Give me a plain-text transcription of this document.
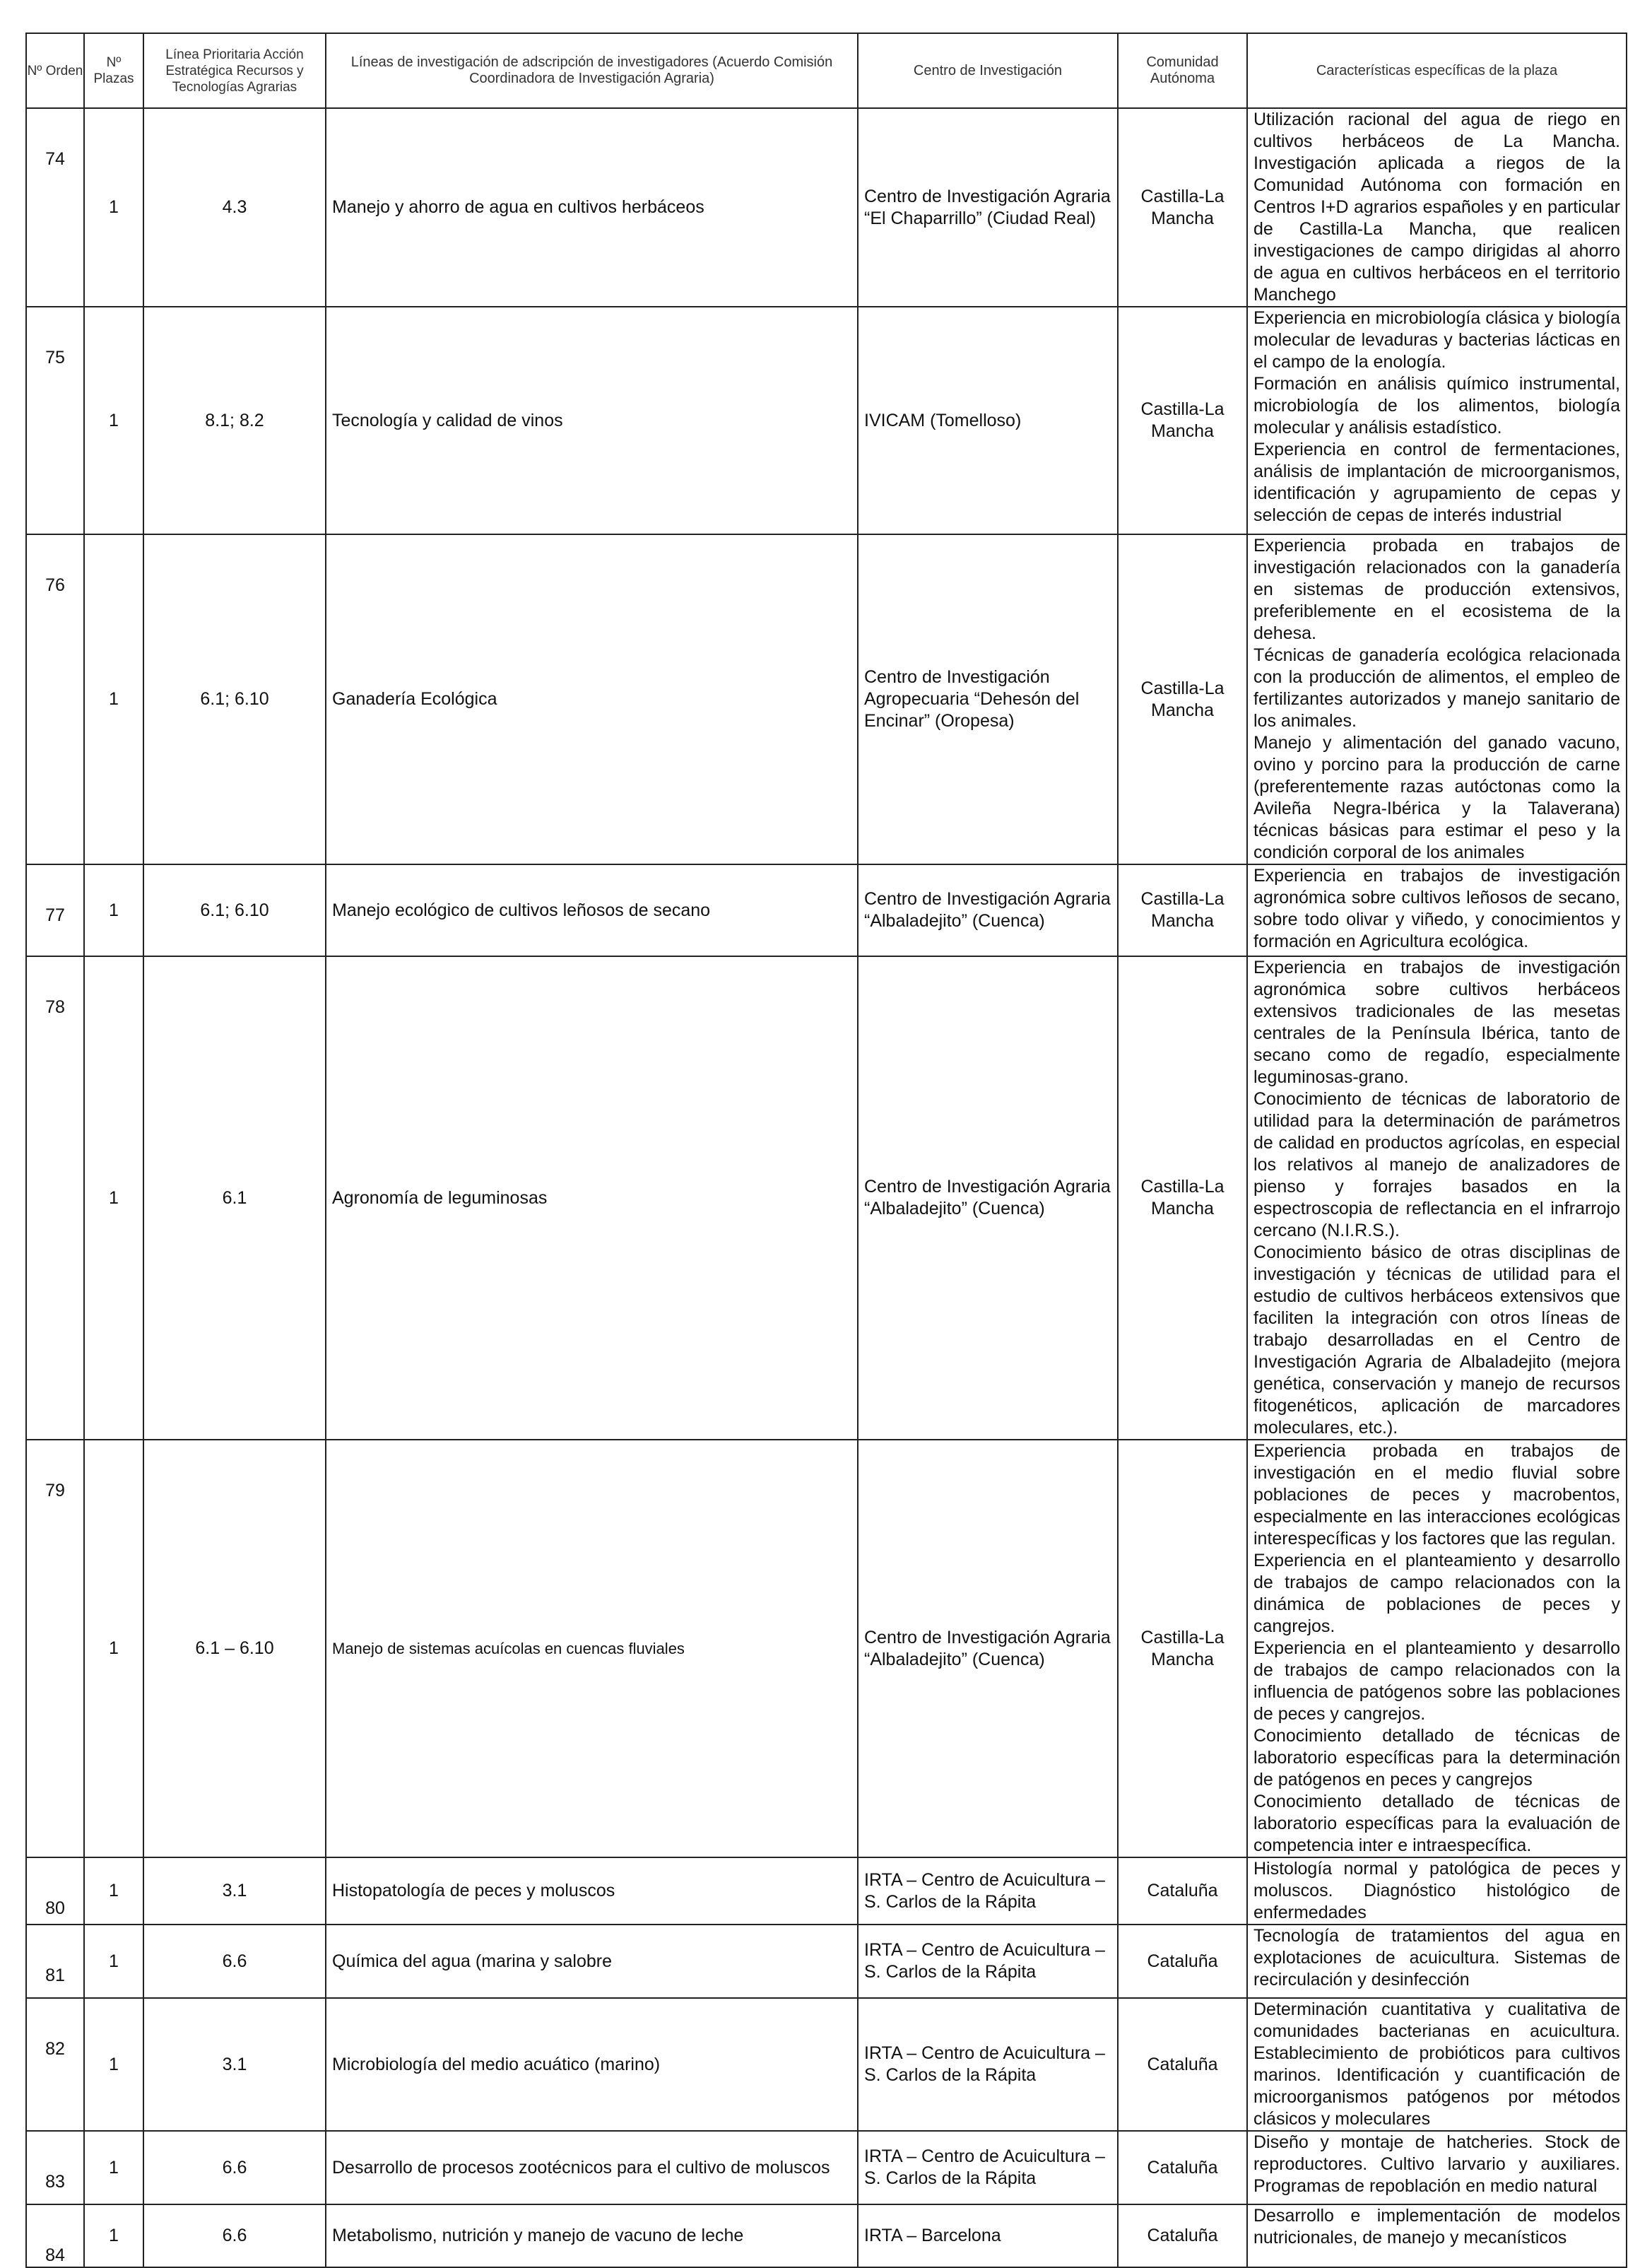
Nº Orden	Nº Plazas	Línea Prioritaria Acción Estratégica Recursos y Tecnologías Agrarias	Líneas de investigación de adscripción de investigadores (Acuerdo Comisión Coordinadora de Investigación Agraria)	Centro de Investigación	Comunidad Autónoma	Características específicas de la plaza
74	1	4.3	Manejo y ahorro de agua en cultivos herbáceos	Centro de Investigación Agraria “El Chaparrillo” (Ciudad Real)	Castilla-La Mancha	Utilización racional del agua de riego en cultivos herbáceos de La Mancha. Investigación aplicada a riegos de la Comunidad Autónoma con formación en Centros I+D agrarios españoles y en particular de Castilla-La Mancha, que realicen investigaciones de campo dirigidas al ahorro de agua en cultivos herbáceos en el territorio Manchego

75	1	8.1; 8.2	Tecnología y calidad de vinos	IVICAM (Tomelloso)	Castilla-La Mancha	Experiencia en microbiología clásica y biología molecular de levaduras y bacterias lácticas en el campo de la enología.
Formación en análisis químico instrumental, microbiología de los alimentos, biología molecular y análisis estadístico.
Experiencia en control de fermentaciones, análisis de implantación de microorganismos, identificación y agrupamiento de cepas y selección de cepas de interés industrial

76	1	6.1; 6.10	Ganadería Ecológica	Centro de Investigación Agropecuaria “Dehesón del Encinar” (Oropesa)	Castilla-La Mancha	Experiencia probada en trabajos de investigación relacionados con la ganadería en sistemas de producción extensivos, preferiblemente en el ecosistema de la dehesa.
Técnicas de ganadería ecológica relacionada con la producción de alimentos, el empleo de fertilizantes autorizados y manejo sanitario de los animales.
Manejo y alimentación del ganado vacuno, ovino y porcino para la producción de carne (preferentemente razas autóctonas como la Avileña Negra-Ibérica y la Talaverana) técnicas básicas para estimar el peso y la condición corporal de los animales

77	1	6.1; 6.10	Manejo ecológico de cultivos leñosos de secano	Centro de Investigación Agraria “Albaladejito” (Cuenca)	Castilla-La Mancha	Experiencia en trabajos de investigación agronómica sobre cultivos leñosos de secano, sobre todo olivar y viñedo, y conocimientos y formación en Agricultura ecológica.

78	1	6.1	Agronomía de leguminosas	Centro de Investigación Agraria “Albaladejito” (Cuenca)	Castilla-La Mancha	Experiencia en trabajos de investigación agronómica sobre cultivos herbáceos extensivos tradicionales de las mesetas centrales de la Península Ibérica, tanto de secano como de regadío, especialmente leguminosas-grano.
Conocimiento de técnicas de laboratorio de utilidad para la determinación de parámetros de calidad en productos agrícolas, en especial los relativos al manejo de analizadores de pienso y forrajes basados en la espectroscopia de reflectancia en el infrarrojo cercano (N.I.R.S.).
Conocimiento básico de otras disciplinas de investigación y técnicas de utilidad para el estudio de cultivos herbáceos extensivos que faciliten la integración con otros líneas de trabajo desarrolladas en el Centro de Investigación Agraria de Albaladejito (mejora genética, conservación y manejo de recursos fitogenéticos, aplicación de marcadores moleculares, etc.).

79	1	6.1 – 6.10	Manejo de sistemas acuícolas en cuencas fluviales	Centro de Investigación Agraria “Albaladejito” (Cuenca)	Castilla-La Mancha	Experiencia probada en trabajos de investigación en el medio fluvial sobre poblaciones de peces y macrobentos, especialmente en las interacciones ecológicas interespecíficas y los factores que las regulan.
Experiencia en el planteamiento y desarrollo de trabajos de campo relacionados con la dinámica de poblaciones de peces y cangrejos.
Experiencia en el planteamiento y desarrollo de trabajos de campo relacionados con la influencia de patógenos sobre las poblaciones de peces y cangrejos.
Conocimiento detallado de técnicas de laboratorio específicas para la determinación de patógenos en peces y cangrejos
Conocimiento detallado de técnicas de laboratorio específicas para la evaluación de competencia inter e intraespecífica.

80	1	3.1	Histopatología de peces y moluscos	IRTA – Centro de Acuicultura – S. Carlos de la Rápita	Cataluña	Histología normal y patológica de peces y moluscos. Diagnóstico histológico de enfermedades

81	1	6.6	Química del agua (marina y salobre	IRTA – Centro de Acuicultura – S. Carlos de la Rápita	Cataluña	Tecnología de tratamientos del agua en explotaciones de acuicultura. Sistemas de recirculación y desinfección

82	1	3.1	Microbiología del medio acuático (marino)	IRTA – Centro de Acuicultura – S. Carlos de la Rápita	Cataluña	Determinación cuantitativa y cualitativa de comunidades bacterianas en acuicultura. Establecimiento de probióticos para cultivos marinos. Identificación y cuantificación de microorganismos patógenos por métodos clásicos y moleculares

83	1	6.6	Desarrollo de procesos zootécnicos para el cultivo de moluscos	IRTA – Centro de Acuicultura – S. Carlos de la Rápita	Cataluña	Diseño y montaje de hatcheries. Stock de reproductores. Cultivo larvario y auxiliares. Programas de repoblación en medio natural

84	1	6.6	Metabolismo, nutrición y manejo de vacuno de leche	IRTA – Barcelona	Cataluña	Desarrollo e implementación de modelos nutricionales, de manejo y mecanísticos
